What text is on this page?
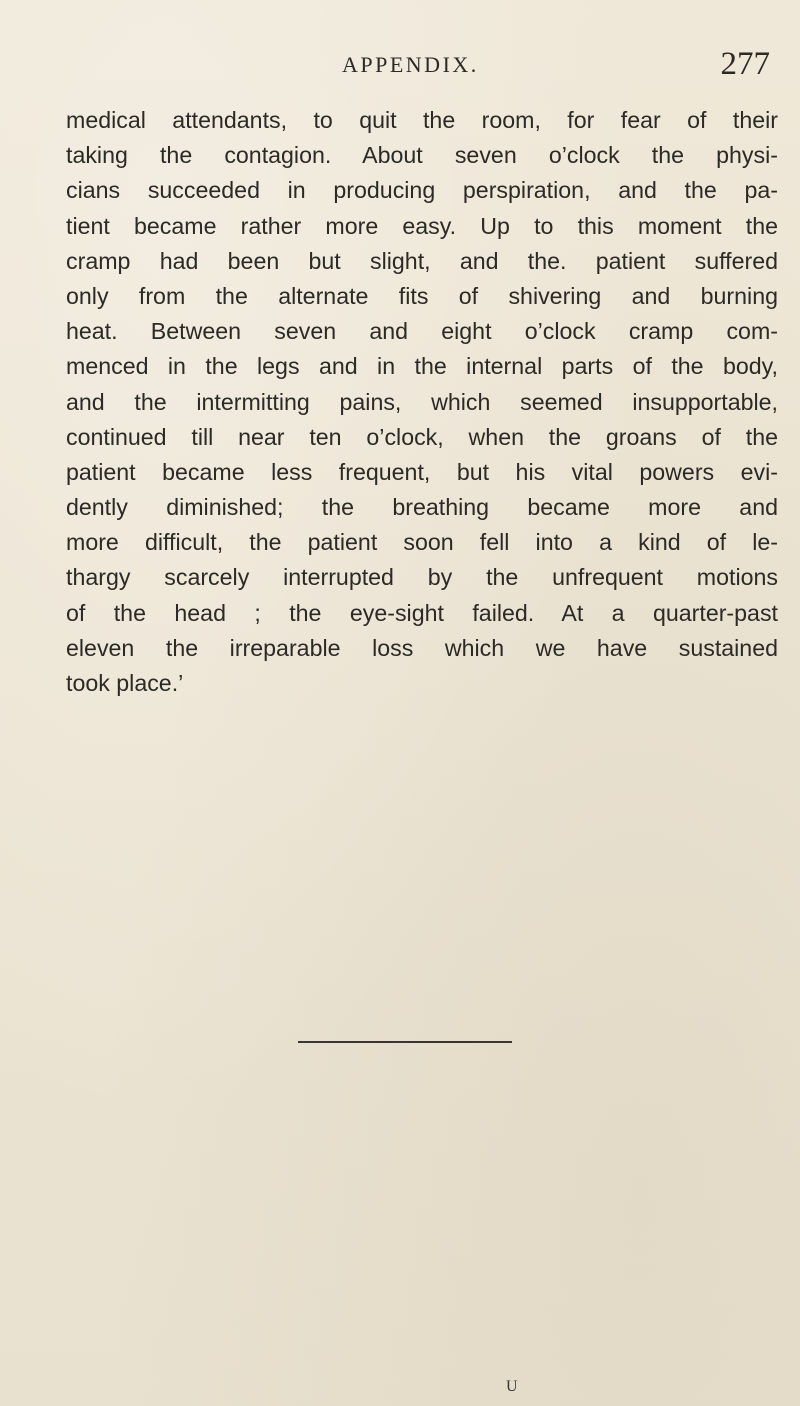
APPENDIX.	277
medical attendants, to quit the room, for fear of their
taking the contagion. About seven o’clock the physi-
cians succeeded in producing perspiration, and the pa-
tient became rather more easy. Up to this moment the
cramp had been but slight, and the. patient suffered
only from the alternate fits of shivering and burning
heat. Between seven and eight o’clock cramp com-
menced in the legs and in the internal parts of the body,
and the intermitting pains, which seemed insupportable,
continued till near ten o’clock, when the groans of the
patient became less frequent, but his vital powers evi-
dently diminished; the breathing became more and
more difficult, the patient soon fell into a kind of le-
thargy scarcely interrupted by the unfrequent motions
of the head ; the eye-sight failed. At a quarter-past
eleven the irreparable loss which we have sustained
took place.’
U
